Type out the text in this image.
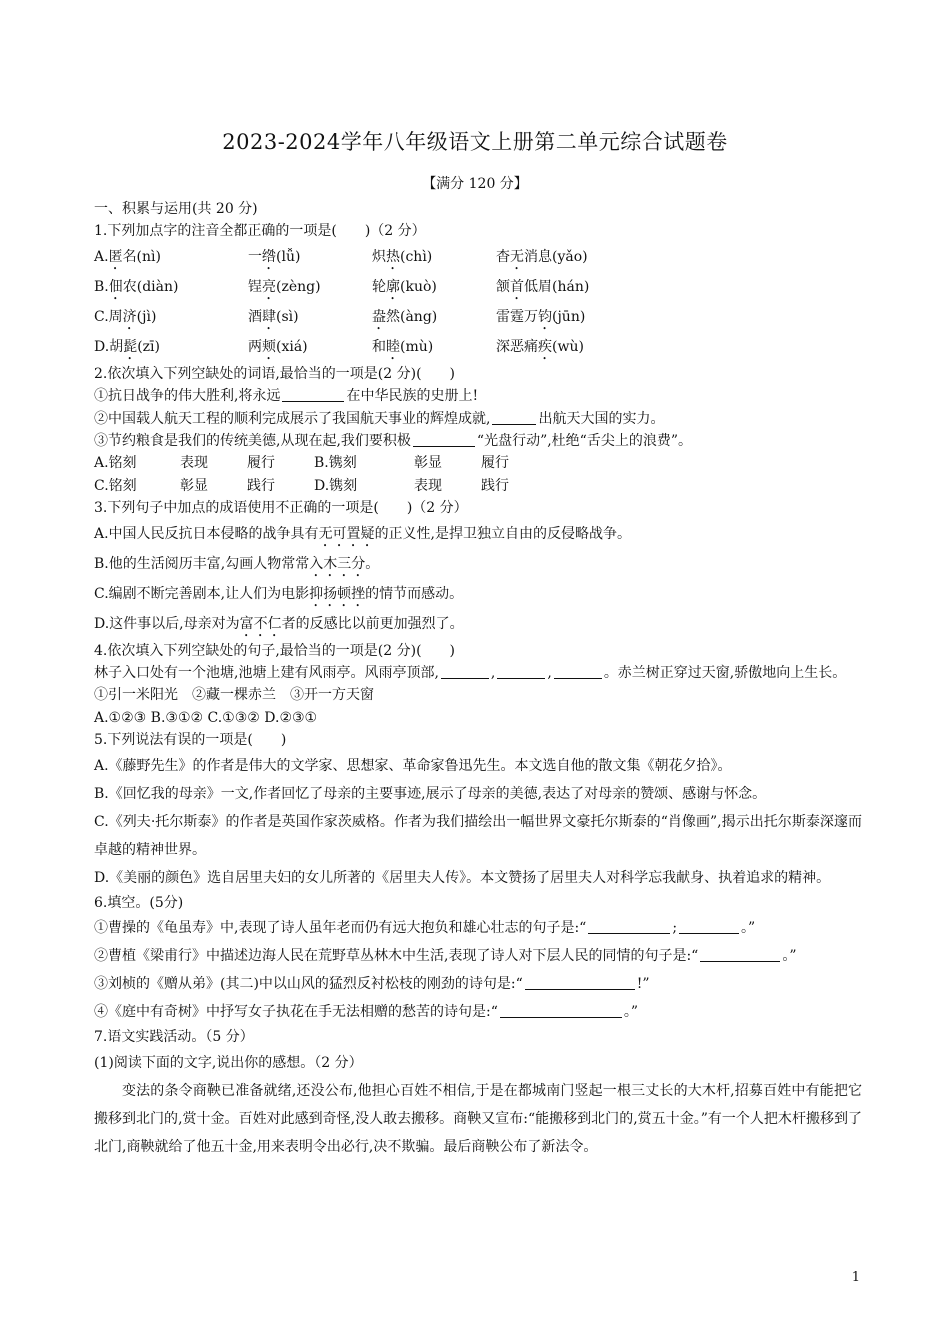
2023-2024学年八年级语文上册第二单元综合试题卷
【满分 120 分】
一、积累与运用(共 20 分)
1.下列加点字的注音全都正确的一项是(　　)（2 分）
A.匿名(nì)	一绺(lǚ)	炽热(chì)	杳无消息(yǎo)
B.佃农(diàn)	锃亮(zèng)	轮廓(kuò)	颔首低眉(hán)
C.周济(jì)	酒肆(sì)	盎然(àng)	雷霆万钧(jūn)
D.胡髭(zī)	两颊(xiá)	和睦(mù)	深恶痛疾(wù)
2.依次填入下列空缺处的词语,最恰当的一项是(2 分)(　　)
①抗日战争的伟大胜利,将永远	在中华民族的史册上!
②中国载人航天工程的顺利完成展示了我国航天事业的辉煌成就,	出航天大国的实力。
③节约粮食是我们的传统美德,从现在起,我们要积极	“光盘行动”,杜绝“舌尖上的浪费”。
A.铭刻	表现	履行	B.镌刻	彰显	履行
C.铭刻	彰显	践行	D.镌刻	表现	践行
3.下列句子中加点的成语使用不正确的一项是(　　)（2 分）
A.中国人民反抗日本侵略的战争具有无可置疑的正义性,是捍卫独立自由的反侵略战争。
B.他的生活阅历丰富,勾画人物常常入木三分。
C.编剧不断完善剧本,让人们为电影抑扬顿挫的情节而感动。
D.这件事以后,母亲对为富不仁者的反感比以前更加强烈了。
4.依次填入下列空缺处的句子,最恰当的一项是(2 分)(　　)
林子入口处有一个池塘,池塘上建有风雨亭。风雨亭顶部,	,	,	。赤兰树正穿过天窗,骄傲地向上生长。
①引一米阳光　②藏一棵赤兰　③开一方天窗
A.①②③ B.③①② C.①③② D.②③①
5.下列说法有误的一项是(　　)
A.《藤野先生》的作者是伟大的文学家、思想家、革命家鲁迅先生。本文选自他的散文集《朝花夕拾》。
B.《回忆我的母亲》一文,作者回忆了母亲的主要事迹,展示了母亲的美德,表达了对母亲的赞颂、感谢与怀念。
C.《列夫·托尔斯泰》的作者是英国作家茨威格。作者为我们描绘出一幅世界文豪托尔斯泰的“肖像画”,揭示出托尔斯泰深邃而卓越的精神世界。
D.《美丽的颜色》选自居里夫妇的女儿所著的《居里夫人传》。本文赞扬了居里夫人对科学忘我献身、执着追求的精神。
6.填空。(5分)
①曹操的《龟虽寿》中,表现了诗人虽年老而仍有远大抱负和雄心壮志的句子是:“	;	。”
②曹植《梁甫行》中描述边海人民在荒野草丛林木中生活,表现了诗人对下层人民的同情的句子是:“	。”
③刘桢的《赠从弟》(其二)中以山风的猛烈反衬松枝的刚劲的诗句是:“	!”
④《庭中有奇树》中抒写女子执花在手无法相赠的愁苦的诗句是:“	。”
7.语文实践活动。（5 分）
(1)阅读下面的文字,说出你的感想。（2 分）
变法的条令商鞅已准备就绪,还没公布,他担心百姓不相信,于是在都城南门竖起一根三丈长的大木杆,招募百姓中有能把它搬移到北门的,赏十金。百姓对此感到奇怪,没人敢去搬移。商鞅又宣布:“能搬移到北门的,赏五十金。”有一个人把木杆搬移到了北门,商鞅就给了他五十金,用来表明令出必行,决不欺骗。最后商鞅公布了新法令。
1
